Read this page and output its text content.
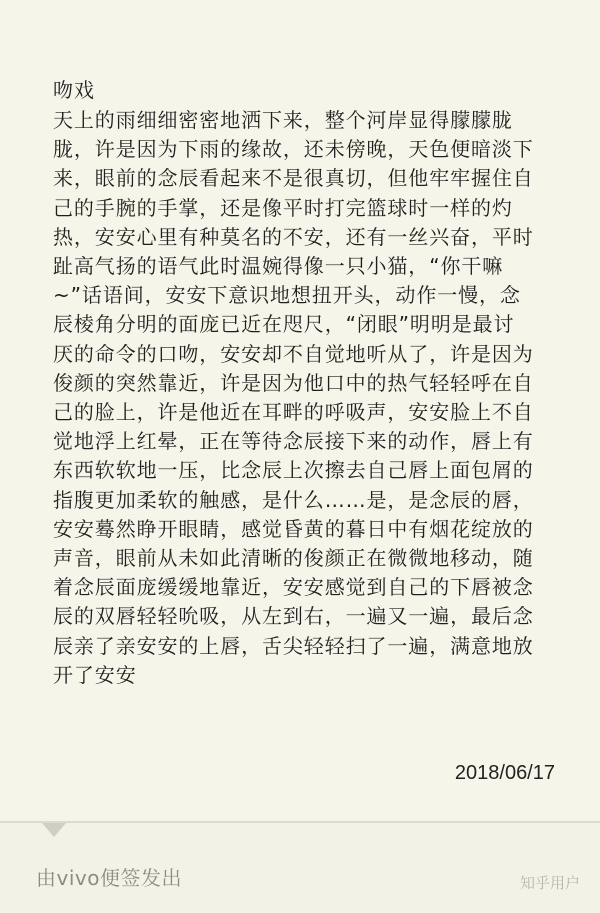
吻戏
天上的雨细细密密地洒下来，整个河岸显得朦朦胧
胧，许是因为下雨的缘故，还未傍晚，天色便暗淡下
来，眼前的念辰看起来不是很真切，但他牢牢握住自
己的手腕的手掌，还是像平时打完篮球时一样的灼
热，安安心里有种莫名的不安，还有一丝兴奋，平时
趾高气扬的语气此时温婉得像一只小猫，“你干嘛
~”话语间，安安下意识地想扭开头，动作一慢，念
辰棱角分明的面庞已近在咫尺，“闭眼”明明是最讨
厌的命令的口吻，安安却不自觉地听从了，许是因为
俊颜的突然靠近，许是因为他口中的热气轻轻呼在自
己的脸上，许是他近在耳畔的呼吸声，安安脸上不自
觉地浮上红晕，正在等待念辰接下来的动作，唇上有
东西软软地一压，比念辰上次擦去自己唇上面包屑的
指腹更加柔软的触感，是什么……是，是念辰的唇，
安安蓦然睁开眼睛，感觉昏黄的暮日中有烟花绽放的
声音，眼前从未如此清晰的俊颜正在微微地移动，随
着念辰面庞缓缓地靠近，安安感觉到自己的下唇被念
辰的双唇轻轻吮吸，从左到右，一遍又一遍，最后念
辰亲了亲安安的上唇，舌尖轻轻扫了一遍，满意地放
开了安安
2018/06/17
由vivo便签发出	知乎用户
